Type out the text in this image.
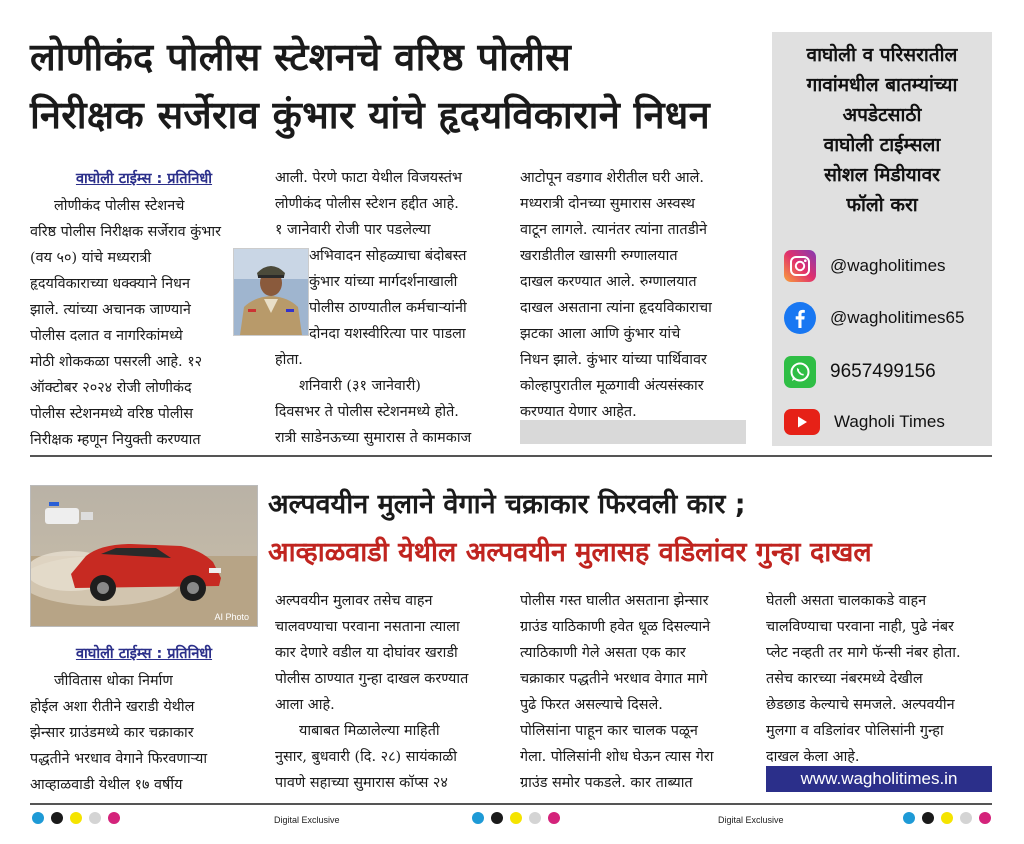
लोणीकंद पोलीस स्टेशनचे वरिष्ठ पोलीस
निरीक्षक सर्जेराव कुंभार यांचे हृदयविकाराने निधन
वाघोली टाईम्स : प्रतिनिधी
लोणीकंद पोलीस स्टेशनचे
वरिष्ठ पोलीस निरीक्षक सर्जेराव कुंभार
(वय ५०) यांचे मध्यरात्री
हृदयविकाराच्या धक्क्याने निधन
झाले. त्यांच्या अचानक जाण्याने
पोलीस दलात व नागरिकांमध्ये
मोठी शोककळा पसरली आहे. १२
ऑक्टोबर २०२४ रोजी लोणीकंद
पोलीस स्टेशनमध्ये वरिष्ठ पोलीस
निरीक्षक म्हणून नियुक्ती करण्यात
आली. पेरणे फाटा येथील विजयस्तंभ
लोणीकंद पोलीस स्टेशन हद्दीत आहे.
१ जानेवारी रोजी पार पडलेल्या
अभिवादन सोहळ्याचा बंदोबस्त
कुंभार यांच्या मार्गदर्शनाखाली
पोलीस ठाण्यातील कर्मचाऱ्यांनी
दोनदा यशस्वीरित्या पार पाडला
होता.
शनिवारी (३१ जानेवारी)
दिवसभर ते पोलीस स्टेशनमध्ये होते.
रात्री साडेनऊच्या सुमारास ते कामकाज
आटोपून वडगाव शेरीतील घरी आले.
मध्यरात्री दोनच्या सुमारास अस्वस्थ
वाटून लागले. त्यानंतर त्यांना तातडीने
खराडीतील खासगी रुग्णालयात
दाखल करण्यात आले. रुग्णालयात
दाखल असताना त्यांना हृदयविकाराचा
झटका आला आणि कुंभार यांचे
निधन झाले. कुंभार यांच्या पार्थिवावर
कोल्हापुरातील मूळगावी अंत्यसंस्कार
करण्यात येणार आहेत.
वाघोली व परिसरातील
गावांमधील बातम्यांच्या
अपडेटसाठी
वाघोली टाईम्सला
सोशल मिडीयावर
फॉलो करा
@wagholitimes
@wagholitimes65
9657499156
Wagholi Times
AI Photo
अल्पवयीन मुलाने वेगाने चक्राकार फिरवली कार ;
आव्हाळवाडी येथील अल्पवयीन मुलासह वडिलांवर गुन्हा दाखल
वाघोली टाईम्स : प्रतिनिधी
जीवितास धोका निर्माण
होईल अशा रीतीने खराडी येथील
झेन्सार ग्राउंडमध्ये कार चक्राकार
पद्धतीने भरधाव वेगाने फिरवणाऱ्या
आव्हाळवाडी येथील १७ वर्षीय
अल्पवयीन मुलावर तसेच वाहन
चालवण्याचा परवाना नसताना त्याला
कार देणारे वडील या दोघांवर खराडी
पोलीस ठाण्यात गुन्हा दाखल करण्यात
आला आहे.
याबाबत मिळालेल्या माहिती
नुसार, बुधवारी (दि. २८) सायंकाळी
पावणे सहाच्या सुमारास कॉप्स २४
पोलीस गस्त घालीत असताना झेन्सार
ग्राउंड याठिकाणी हवेत धूळ दिसल्याने
त्याठिकाणी गेले असता एक कार
चक्राकार पद्धतीने भरधाव वेगात मागे
पुढे फिरत असल्याचे दिसले.
पोलिसांना पाहून कार चालक पळून
गेला. पोलिसांनी शोध घेऊन त्यास गेरा
ग्राउंड समोर पकडले. कार ताब्यात
घेतली असता चालकाकडे वाहन
चालविण्याचा परवाना नाही, पुढे नंबर
प्लेट नव्हती तर मागे फॅन्सी नंबर होता.
तसेच कारच्या नंबरमध्ये देखील
छेडछाड केल्याचे समजले. अल्पवयीन
मुलगा व वडिलांवर पोलिसांनी गुन्हा
दाखल केला आहे.
www.wagholitimes.in
Digital Exclusive	Digital Exclusive
